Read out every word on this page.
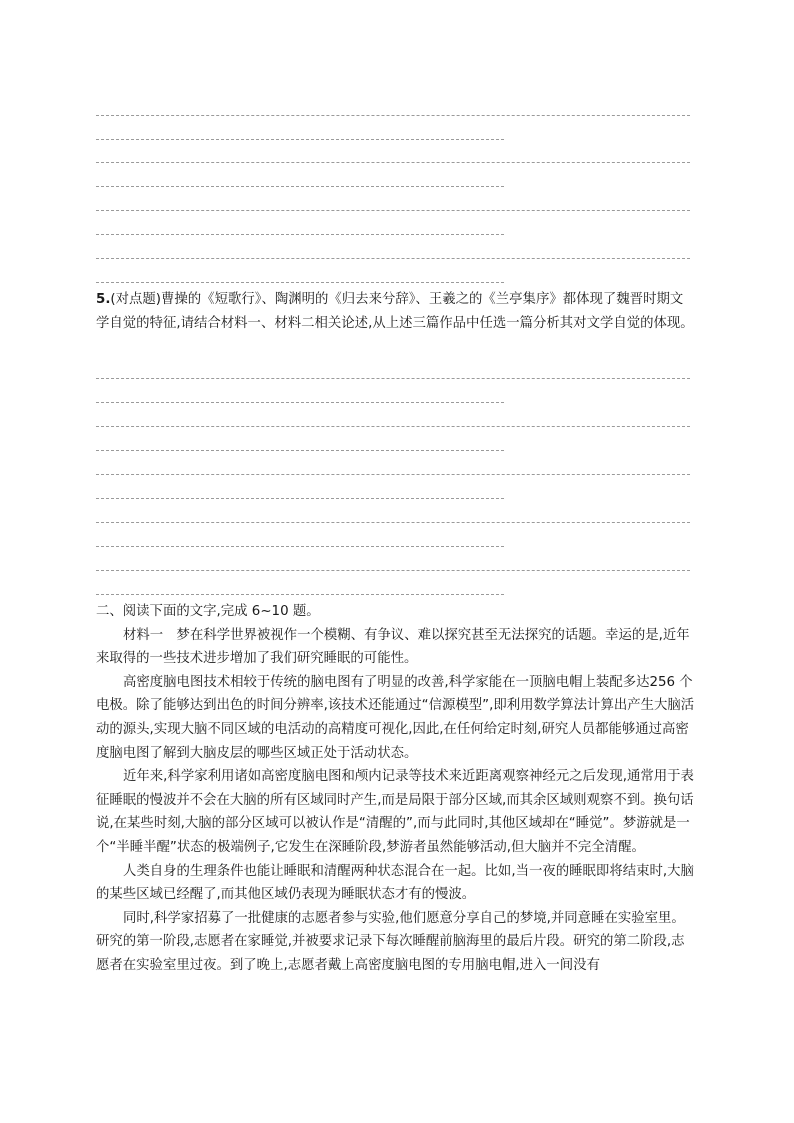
5.(对点题)曹操的《短歌行》、陶渊明的《归去来兮辞》、王羲之的《兰亭集序》都体现了魏晋时期文学自觉的特征,请结合材料一、材料二相关论述,从上述三篇作品中任选一篇分析其对文学自觉的体现。

二、阅读下面的文字,完成 6~10 题。

材料一　梦在科学世界被视作一个模糊、有争议、难以探究甚至无法探究的话题。幸运的是,近年来取得的一些技术进步增加了我们研究睡眠的可能性。

高密度脑电图技术相较于传统的脑电图有了明显的改善,科学家能在一顶脑电帽上装配多达256 个电极。除了能够达到出色的时间分辨率,该技术还能通过“信源模型”,即利用数学算法计算出产生大脑活动的源头,实现大脑不同区域的电活动的高精度可视化,因此,在任何给定时刻,研究人员都能够通过高密度脑电图了解到大脑皮层的哪些区域正处于活动状态。

近年来,科学家利用诸如高密度脑电图和颅内记录等技术来近距离观察神经元之后发现,通常用于表征睡眠的慢波并不会在大脑的所有区域同时产生,而是局限于部分区域,而其余区域则观察不到。换句话说,在某些时刻,大脑的部分区域可以被认作是“清醒的”,而与此同时,其他区域却在“睡觉”。梦游就是一个“半睡半醒”状态的极端例子,它发生在深睡阶段,梦游者虽然能够活动,但大脑并不完全清醒。

人类自身的生理条件也能让睡眠和清醒两种状态混合在一起。比如,当一夜的睡眠即将结束时,大脑的某些区域已经醒了,而其他区域仍表现为睡眠状态才有的慢波。

同时,科学家招募了一批健康的志愿者参与实验,他们愿意分享自己的梦境,并同意睡在实验室里。研究的第一阶段,志愿者在家睡觉,并被要求记录下每次睡醒前脑海里的最后片段。研究的第二阶段,志愿者在实验室里过夜。到了晚上,志愿者戴上高密度脑电图的专用脑电帽,进入一间没有
